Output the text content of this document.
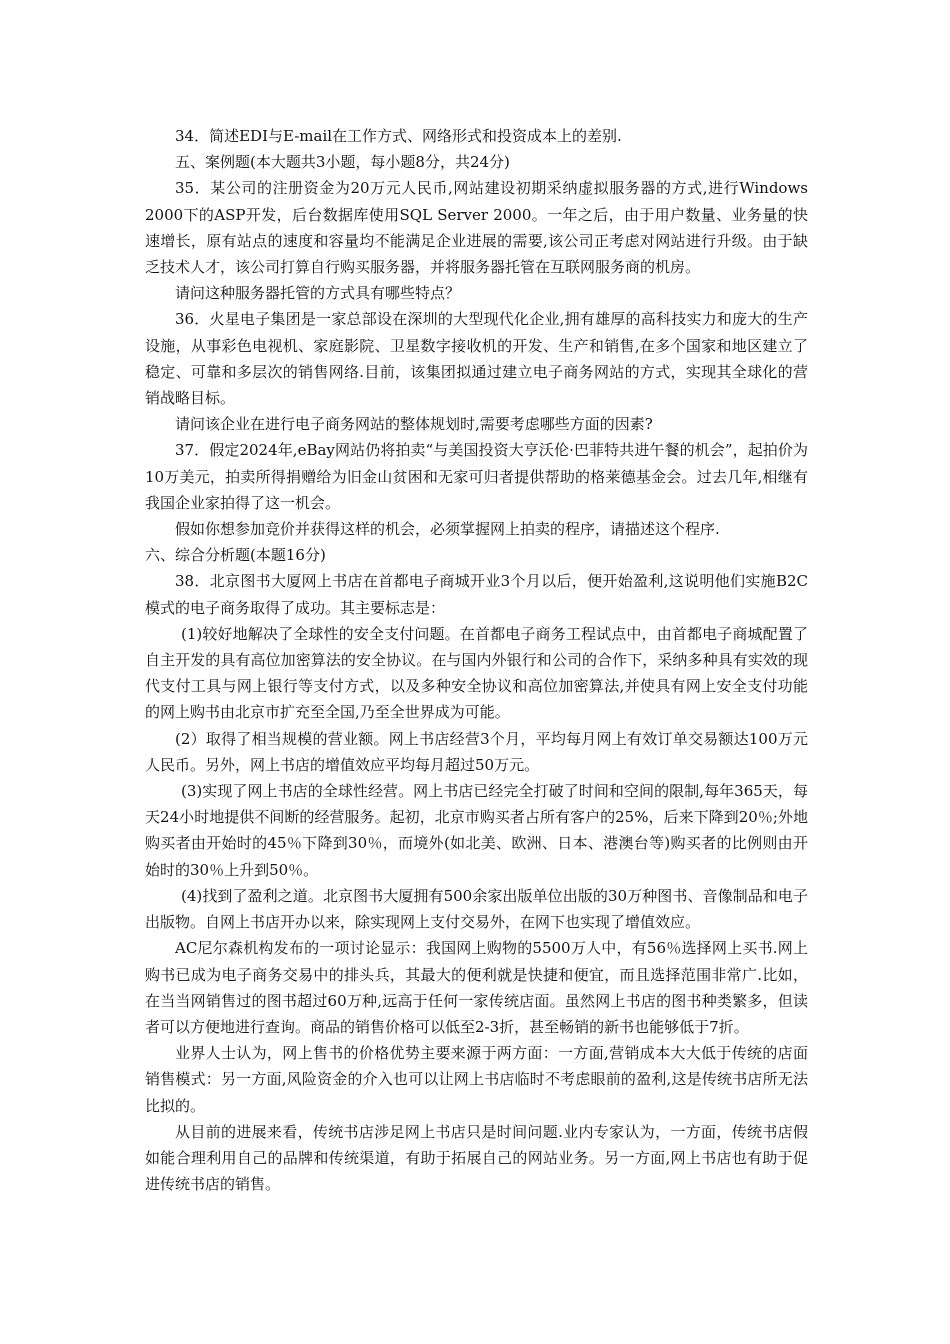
34．简述EDI与E-mail在工作方式、网络形式和投资成本上的差别.

五、案例题(本大题共3小题，每小题8分，共24分)

35．某公司的注册资金为20万元人民币,网站建设初期采纳虚拟服务器的方式,进行Windows 2000下的ASP开发，后台数据库使用SQL Server 2000。一年之后，由于用户数量、业务量的快速增长，原有站点的速度和容量均不能满足企业进展的需要,该公司正考虑对网站进行升级。由于缺乏技术人才，该公司打算自行购买服务器，并将服务器托管在互联网服务商的机房。

请问这种服务器托管的方式具有哪些特点？

36．火星电子集团是一家总部设在深圳的大型现代化企业,拥有雄厚的高科技实力和庞大的生产设施，从事彩色电视机、家庭影院、卫星数字接收机的开发、生产和销售,在多个国家和地区建立了稳定、可靠和多层次的销售网络.目前，该集团拟通过建立电子商务网站的方式，实现其全球化的营销战略目标。

请问该企业在进行电子商务网站的整体规划时,需要考虑哪些方面的因素?

37．假定2024年,eBay网站仍将拍卖“与美国投资大亨沃伦·巴菲特共进午餐的机会”，起拍价为10万美元，拍卖所得捐赠给为旧金山贫困和无家可归者提供帮助的格莱德基金会。过去几年,相继有我国企业家拍得了这一机会。

假如你想参加竞价并获得这样的机会，必须掌握网上拍卖的程序，请描述这个程序.

六、综合分析题(本题16分)

38．北京图书大厦网上书店在首都电子商城开业3个月以后，便开始盈利,这说明他们实施B2C模式的电子商务取得了成功。其主要标志是：

(1)较好地解决了全球性的安全支付问题。在首都电子商务工程试点中，由首都电子商城配置了自主开发的具有高位加密算法的安全协议。在与国内外银行和公司的合作下，采纳多种具有实效的现代支付工具与网上银行等支付方式，以及多种安全协议和高位加密算法,并使具有网上安全支付功能的网上购书由北京市扩充至全国,乃至全世界成为可能。

(2）取得了相当规模的营业额。网上书店经营3个月，平均每月网上有效订单交易额达100万元人民币。另外，网上书店的增值效应平均每月超过50万元。

(3)实现了网上书店的全球性经营。网上书店已经完全打破了时间和空间的限制,每年365天，每天24小时地提供不间断的经营服务。起初，北京市购买者占所有客户的25%，后来下降到20％;外地购买者由开始时的45％下降到30％，而境外(如北美、欧洲、日本、港澳台等)购买者的比例则由开始时的30％上升到50％。

(4)找到了盈利之道。北京图书大厦拥有500余家出版单位出版的30万种图书、音像制品和电子出版物。自网上书店开办以来，除实现网上支付交易外，在网下也实现了增值效应。

AC尼尔森机构发布的一项讨论显示：我国网上购物的5500万人中，有56％选择网上买书.网上购书已成为电子商务交易中的排头兵，其最大的便利就是快捷和便宜，而且选择范围非常广.比如，在当当网销售过的图书超过60万种,远高于任何一家传统店面。虽然网上书店的图书种类繁多，但读者可以方便地进行查询。商品的销售价格可以低至2-3折，甚至畅销的新书也能够低于7折。

业界人士认为，网上售书的价格优势主要来源于两方面：一方面,营销成本大大低于传统的店面销售模式：另一方面,风险资金的介入也可以让网上书店临时不考虑眼前的盈利,这是传统书店所无法比拟的。

从目前的进展来看，传统书店涉足网上书店只是时间问题.业内专家认为，一方面，传统书店假如能合理利用自己的品牌和传统渠道，有助于拓展自己的网站业务。另一方面,网上书店也有助于促进传统书店的销售。
